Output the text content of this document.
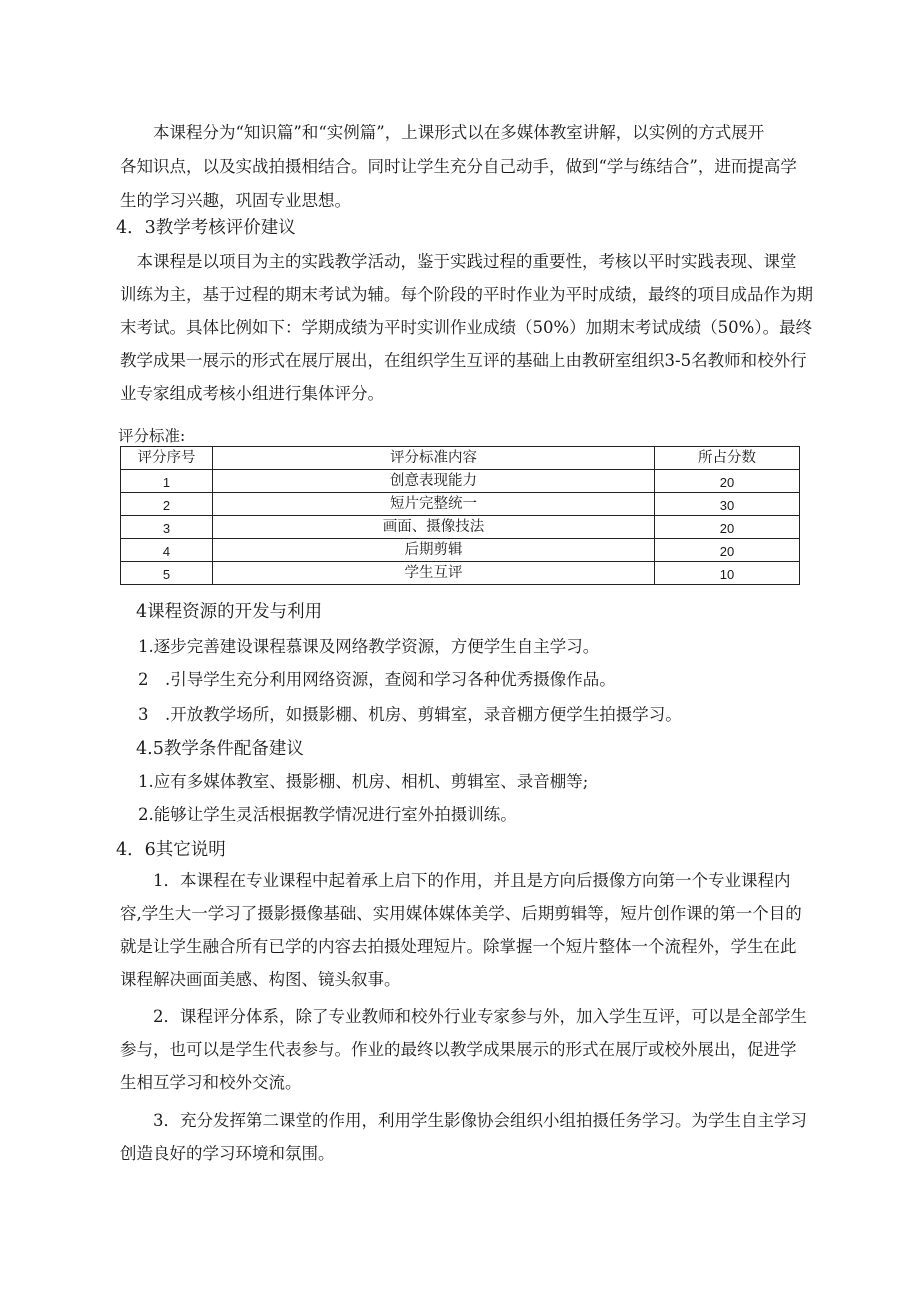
　　本课程分为“知识篇”和“实例篇”，上课形式以在多媒体教室讲解，以实例的方式展开
各知识点，以及实战拍摄相结合。同时让学生充分自己动手，做到“学与练结合”，进而提高学
生的学习兴趣，巩固专业思想。
4．3教学考核评价建议
　本课程是以项目为主的实践教学活动，鉴于实践过程的重要性，考核以平时实践表现、课堂
训练为主，基于过程的期末考试为辅。每个阶段的平时作业为平时成绩，最终的项目成品作为期
末考试。具体比例如下：学期成绩为平时实训作业成绩（50%）加期末考试成绩（50%）。最终
教学成果一展示的形式在展厅展出，在组织学生互评的基础上由教研室组织3-5名教师和校外行
业专家组成考核小组进行集体评分。
评分标准:
评分序号	评分标准内容	所占分数
1	创意表现能力	20
2	短片完整统一	30
3	画面、摄像技法	20
4	后期剪辑	20
5	学生互评	10
4课程资源的开发与利用
1.逐步完善建设课程慕课及网络教学资源，方便学生自主学习。
2　.引导学生充分利用网络资源，查阅和学习各种优秀摄像作品。
3　.开放教学场所，如摄影棚、机房、剪辑室，录音棚方便学生拍摄学习。
4.5教学条件配备建议
1.应有多媒体教室、摄影棚、机房、相机、剪辑室、录音棚等;
2.能够让学生灵活根据教学情况进行室外拍摄训练。
4．6其它说明
　　1．本课程在专业课程中起着承上启下的作用，并且是方向后摄像方向第一个专业课程内
容,学生大一学习了摄影摄像基础、实用媒体媒体美学、后期剪辑等，短片创作课的第一个目的
就是让学生融合所有已学的内容去拍摄处理短片。除掌握一个短片整体一个流程外，学生在此
课程解决画面美感、构图、镜头叙事。
　　2．课程评分体系，除了专业教师和校外行业专家参与外，加入学生互评，可以是全部学生
参与，也可以是学生代表参与。作业的最终以教学成果展示的形式在展厅或校外展出，促进学
生相互学习和校外交流。
　　3．充分发挥第二课堂的作用，利用学生影像协会组织小组拍摄任务学习。为学生自主学习
创造良好的学习环境和氛围。
